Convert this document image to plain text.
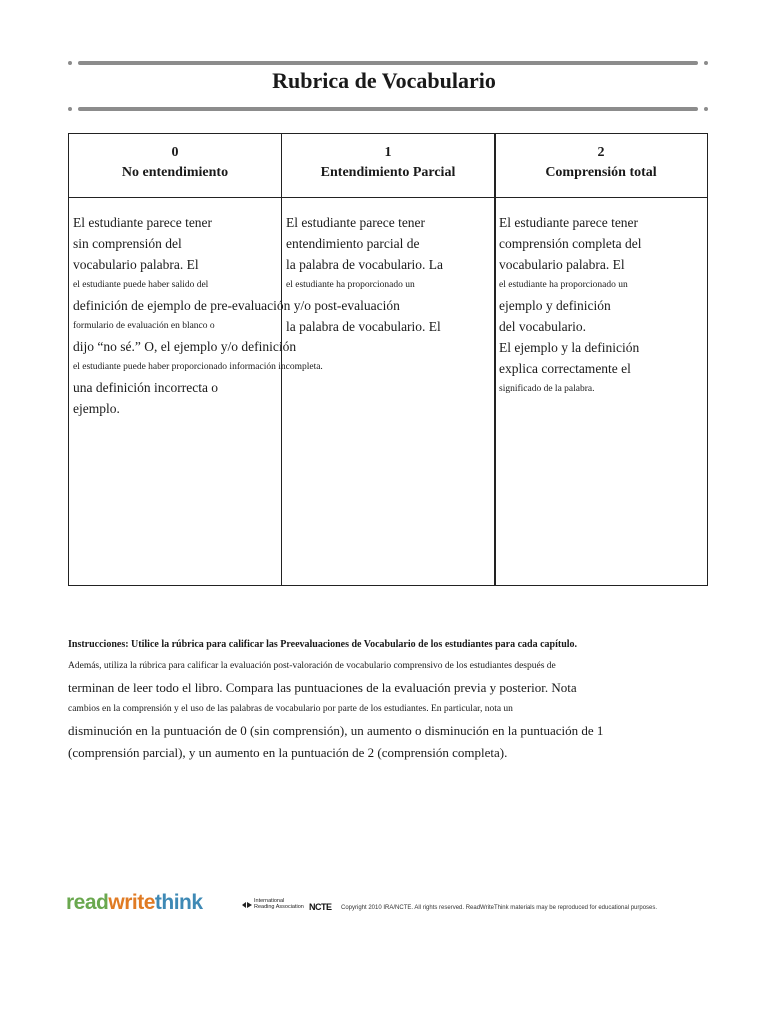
Rubrica de Vocabulario
0
No entendimiento
1
Entendimiento Parcial
2
Comprensión total
El estudiante parece tener
sin comprensión del
vocabulario palabra. El
el estudiante puede haber salido del
definición de ejemplo de pre-evaluación y/o post-evaluación
formulario de evaluación en blanco o
dijo “no sé.” O, el ejemplo y/o definición
el estudiante puede haber proporcionado información incompleta.
una definición incorrecta o
ejemplo.
El estudiante parece tener
entendimiento parcial de
la palabra de vocabulario. La
el estudiante ha proporcionado un
la palabra de vocabulario. El
El estudiante parece tener
comprensión completa del
vocabulario palabra. El
el estudiante ha proporcionado un
ejemplo y definición
del vocabulario.
El ejemplo y la definición
explica correctamente el
significado de la palabra.
Instrucciones: Utilice la rúbrica para calificar las Preevaluaciones de Vocabulario de los estudiantes para cada capítulo.
Además, utiliza la rúbrica para calificar la evaluación post-valoración de vocabulario comprensivo de los estudiantes después de
terminan de leer todo el libro. Compara las puntuaciones de la evaluación previa y posterior. Nota
cambios en la comprensión y el uso de las palabras de vocabulario por parte de los estudiantes. En particular, nota un
disminución en la puntuación de 0 (sin comprensión), un aumento o disminución en la puntuación de 1
(comprensión parcial), y un aumento en la puntuación de 2 (comprensión completa).
readwritethink	International
Reading Association NCTE Copyright 2010 IRA/NCTE. All rights reserved. ReadWriteThink materials may be reproduced for educational purposes.
